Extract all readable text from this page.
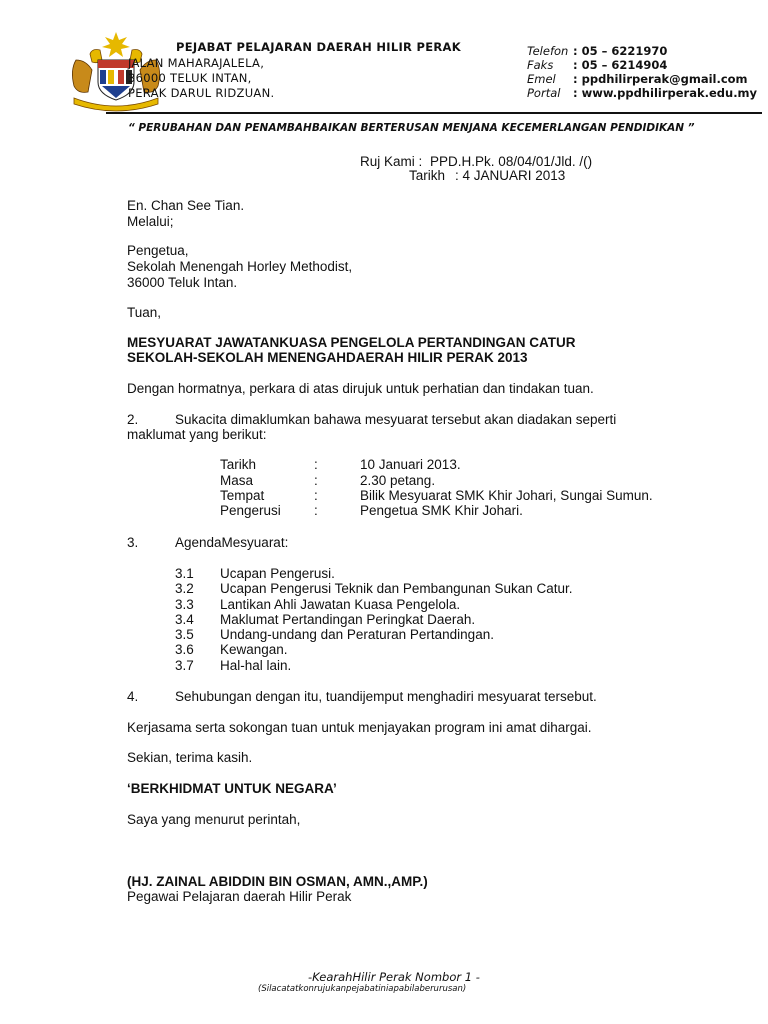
PEJABAT PELAJARAN DAERAH HILIR PERAK
JALAN MAHARAJALELA,
36000 TELUK INTAN,
PERAK DARUL RIDZUAN.
Telefon : 05 – 6221970
Faks : 05 – 6214904
Emel : ppdhilirperak@gmail.com
Portal : www.ppdhilirperak.edu.my
“ PERUBAHAN DAN PENAMBAHBAIKAN BERTERUSAN MENJANA KECEMERLANGAN PENDIDIKAN ”
Ruj Kami : PPD.H.Pk. 08/04/01/Jld. /()
Tarikh : 4 JANUARI 2013
En. Chan See Tian.
Melalui;
Pengetua,
Sekolah Menengah Horley Methodist,
36000 Teluk Intan.
Tuan,
MESYUARAT JAWATANKUASA PENGELOLA PERTANDINGAN CATUR
SEKOLAH-SEKOLAH MENENGAHDAERAH HILIR PERAK 2013
Dengan hormatnya, perkara di atas dirujuk untuk perhatian dan tindakan tuan.
2.	Sukacita dimaklumkan bahawa mesyuarat tersebut akan diadakan seperti
maklumat yang berikut:
Tarikh	:	10 Januari 2013.
Masa	:	2.30 petang.
Tempat	:	Bilik Mesyuarat SMK Khir Johari, Sungai Sumun.
Pengerusi :	Pengetua SMK Khir Johari.
3.	AgendaMesyuarat:
3.1 Ucapan Pengerusi.
3.2 Ucapan Pengerusi Teknik dan Pembangunan Sukan Catur.
3.3 Lantikan Ahli Jawatan Kuasa Pengelola.
3.4 Maklumat Pertandingan Peringkat Daerah.
3.5 Undang-undang dan Peraturan Pertandingan.
3.6 Kewangan.
3.7 Hal-hal lain.
4.	Sehubungan dengan itu, tuandijemput menghadiri mesyuarat tersebut.
Kerjasama serta sokongan tuan untuk menjayakan program ini amat dihargai.
Sekian, terima kasih.
‘BERKHIDMAT UNTUK NEGARA’
Saya yang menurut perintah,
(HJ. ZAINAL ABIDDIN BIN OSMAN, AMN.,AMP.)
Pegawai Pelajaran daerah Hilir Perak
-KearahHilir Perak Nombor 1 -
(Silacatatkonrujukanpejabatiniapabilaberurusan)
